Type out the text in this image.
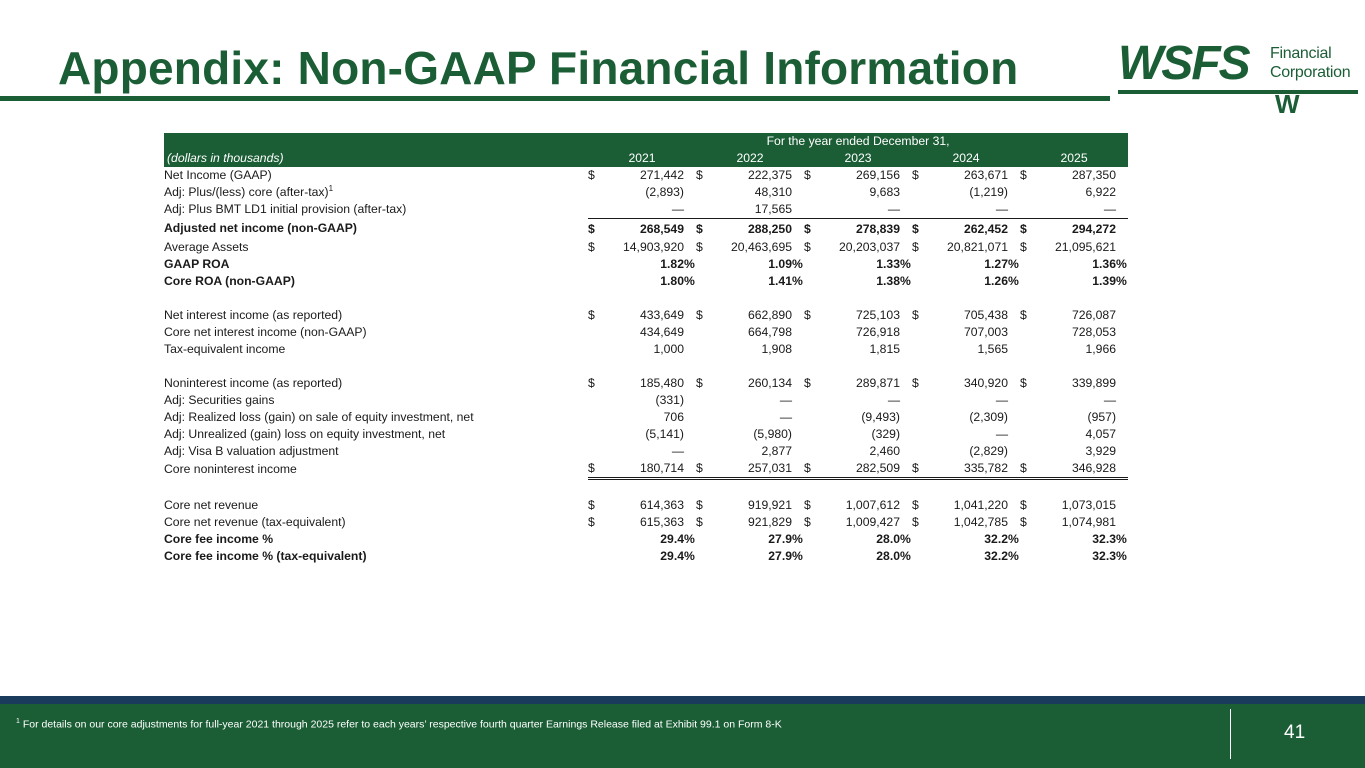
Appendix: Non-GAAP Financial Information WSFS Financial
Corporation
W
	For the year ended December 31,														
(dollars in thousands)	2021			2022			2023			2024			2025		
Net Income (GAAP)	$	271,442		$	222,375		$	269,156		$	263,671		$	287,350	
Adj: Plus/(less) core (after-tax)$^1$		(2,893)			48,310			9,683			(1,219)			6,922	
Adj: Plus BMT LD1 initial provision (after-tax)		—			17,565			—			—			—	
Adjusted net income (non-GAAP)	$	268,549		$	288,250		$	278,839		$	262,452		$	294,272	
Average Assets	$	14,903,920		$	20,463,695		$	20,203,037		$	20,821,071		$	21,095,621	
GAAP ROA		1.82	%		1.09	%		1.33	%		1.27	%		1.36	%
Core ROA (non-GAAP)		1.80	%		1.41	%		1.38	%		1.26	%		1.39	%

Net interest income (as reported)	$	433,649		$	662,890		$	725,103		$	705,438		$	726,087	
Core net interest income (non-GAAP)		434,649			664,798			726,918			707,003			728,053	
Tax-equivalent income		1,000			1,908			1,815			1,565			1,966	

Noninterest income (as reported)	$	185,480		$	260,134		$	289,871		$	340,920		$	339,899	
Adj: Securities gains		(331)			—			—			—			—	
Adj: Realized loss (gain) on sale of equity investment, net		706			—			(9,493)			(2,309)			(957)	
Adj: Unrealized (gain) loss on equity investment, net		(5,141)			(5,980)			(329)			—			4,057	
Adj: Visa B valuation adjustment		—			2,877			2,460			(2,829)			3,929	
Core noninterest income	$	180,714		$	257,031		$	282,509		$	335,782		$	346,928	

Core net revenue	$	614,363		$	919,921		$	1,007,612		$	1,041,220		$	1,073,015	
Core net revenue (tax-equivalent)	$	615,363		$	921,829		$	1,009,427		$	1,042,785		$	1,074,981	
Core fee income %		29.4	%		27.9	%		28.0	%		32.2	%		32.3	%
Core fee income % (tax-equivalent)		29.4	%		27.9	%		28.0	%		32.2	%		32.3	%
$^1$ For details on our core adjustments for full-year 2021 through 2025 refer to each years’ respective fourth quarter Earnings Release filed at Exhibit 99.1 on Form 8-K	41
